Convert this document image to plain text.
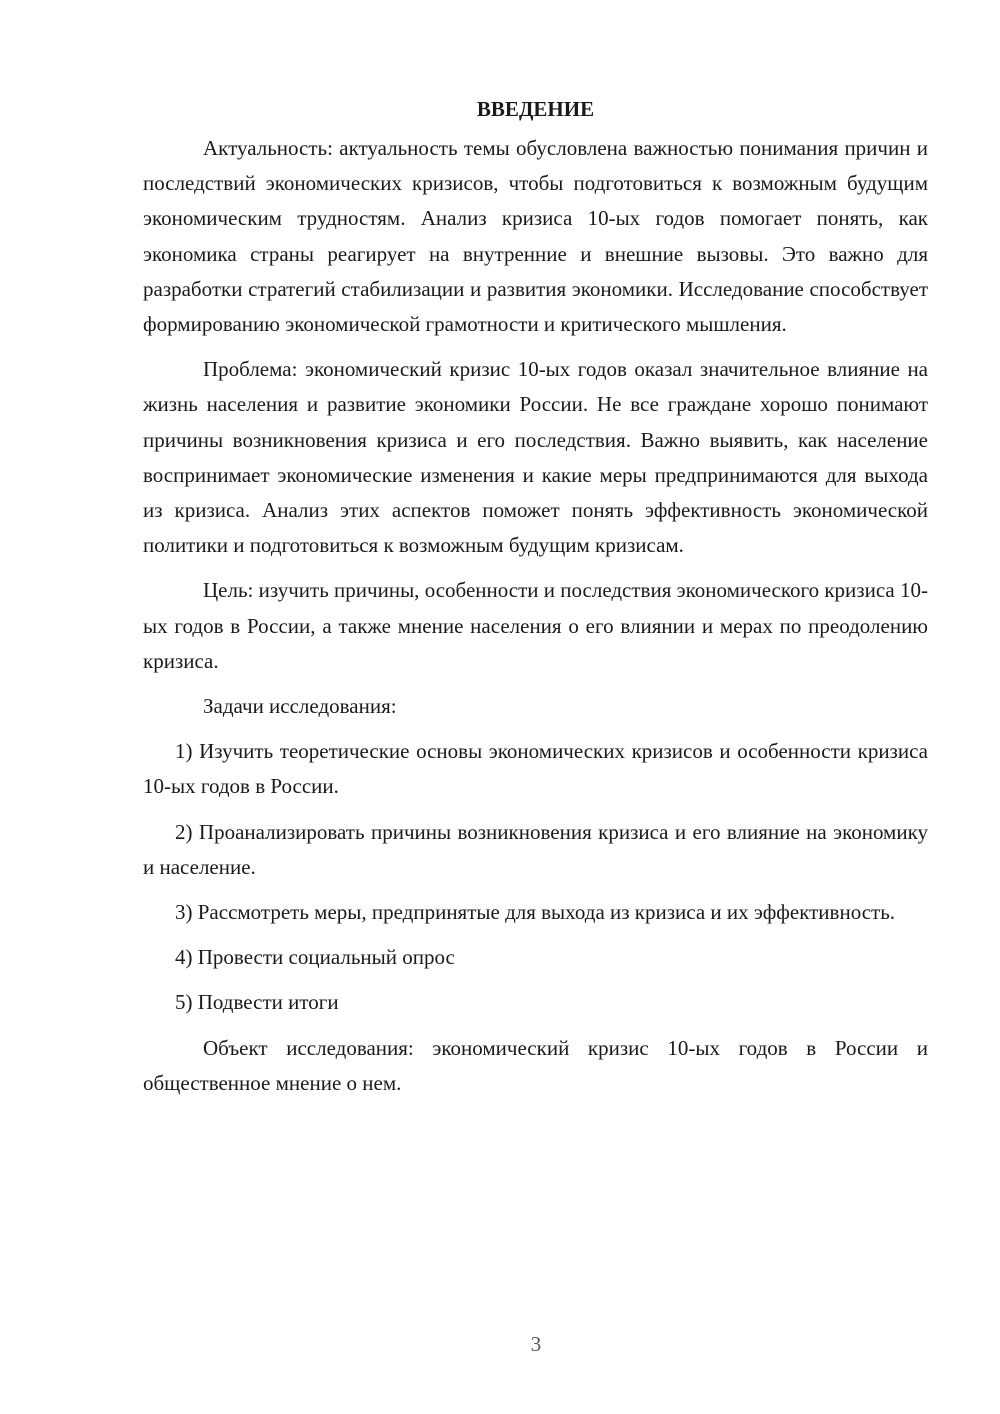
ВВЕДЕНИЕ

Актуальность: актуальность темы обусловлена важностью понимания причин и последствий экономических кризисов, чтобы подготовиться к возможным будущим экономическим трудностям. Анализ кризиса 10-ых годов помогает понять, как экономика страны реагирует на внутренние и внешние вызовы. Это важно для разработки стратегий стабилизации и развития экономики. Исследование способствует формированию экономической грамотности и критического мышления.

Проблема: экономический кризис 10-ых годов оказал значительное влияние на жизнь населения и развитие экономики России. Не все граждане хорошо понимают причины возникновения кризиса и его последствия. Важно выявить, как население воспринимает экономические изменения и какие меры предпринимаются для выхода из кризиса. Анализ этих аспектов поможет понять эффективность экономической политики и подготовиться к возможным будущим кризисам.

Цель: изучить причины, особенности и последствия экономического кризиса 10-ых годов в России, а также мнение населения о его влиянии и мерах по преодолению кризиса.

Задачи исследования:

1) Изучить теоретические основы экономических кризисов и особенности кризиса 10-ых годов в России.

2) Проанализировать причины возникновения кризиса и его влияние на экономику и население.

3) Рассмотреть меры, предпринятые для выхода из кризиса и их эффективность.

4) Провести социальный опрос

5) Подвести итоги

Объект исследования: экономический кризис 10-ых годов в России и общественное мнение о нем.

3
